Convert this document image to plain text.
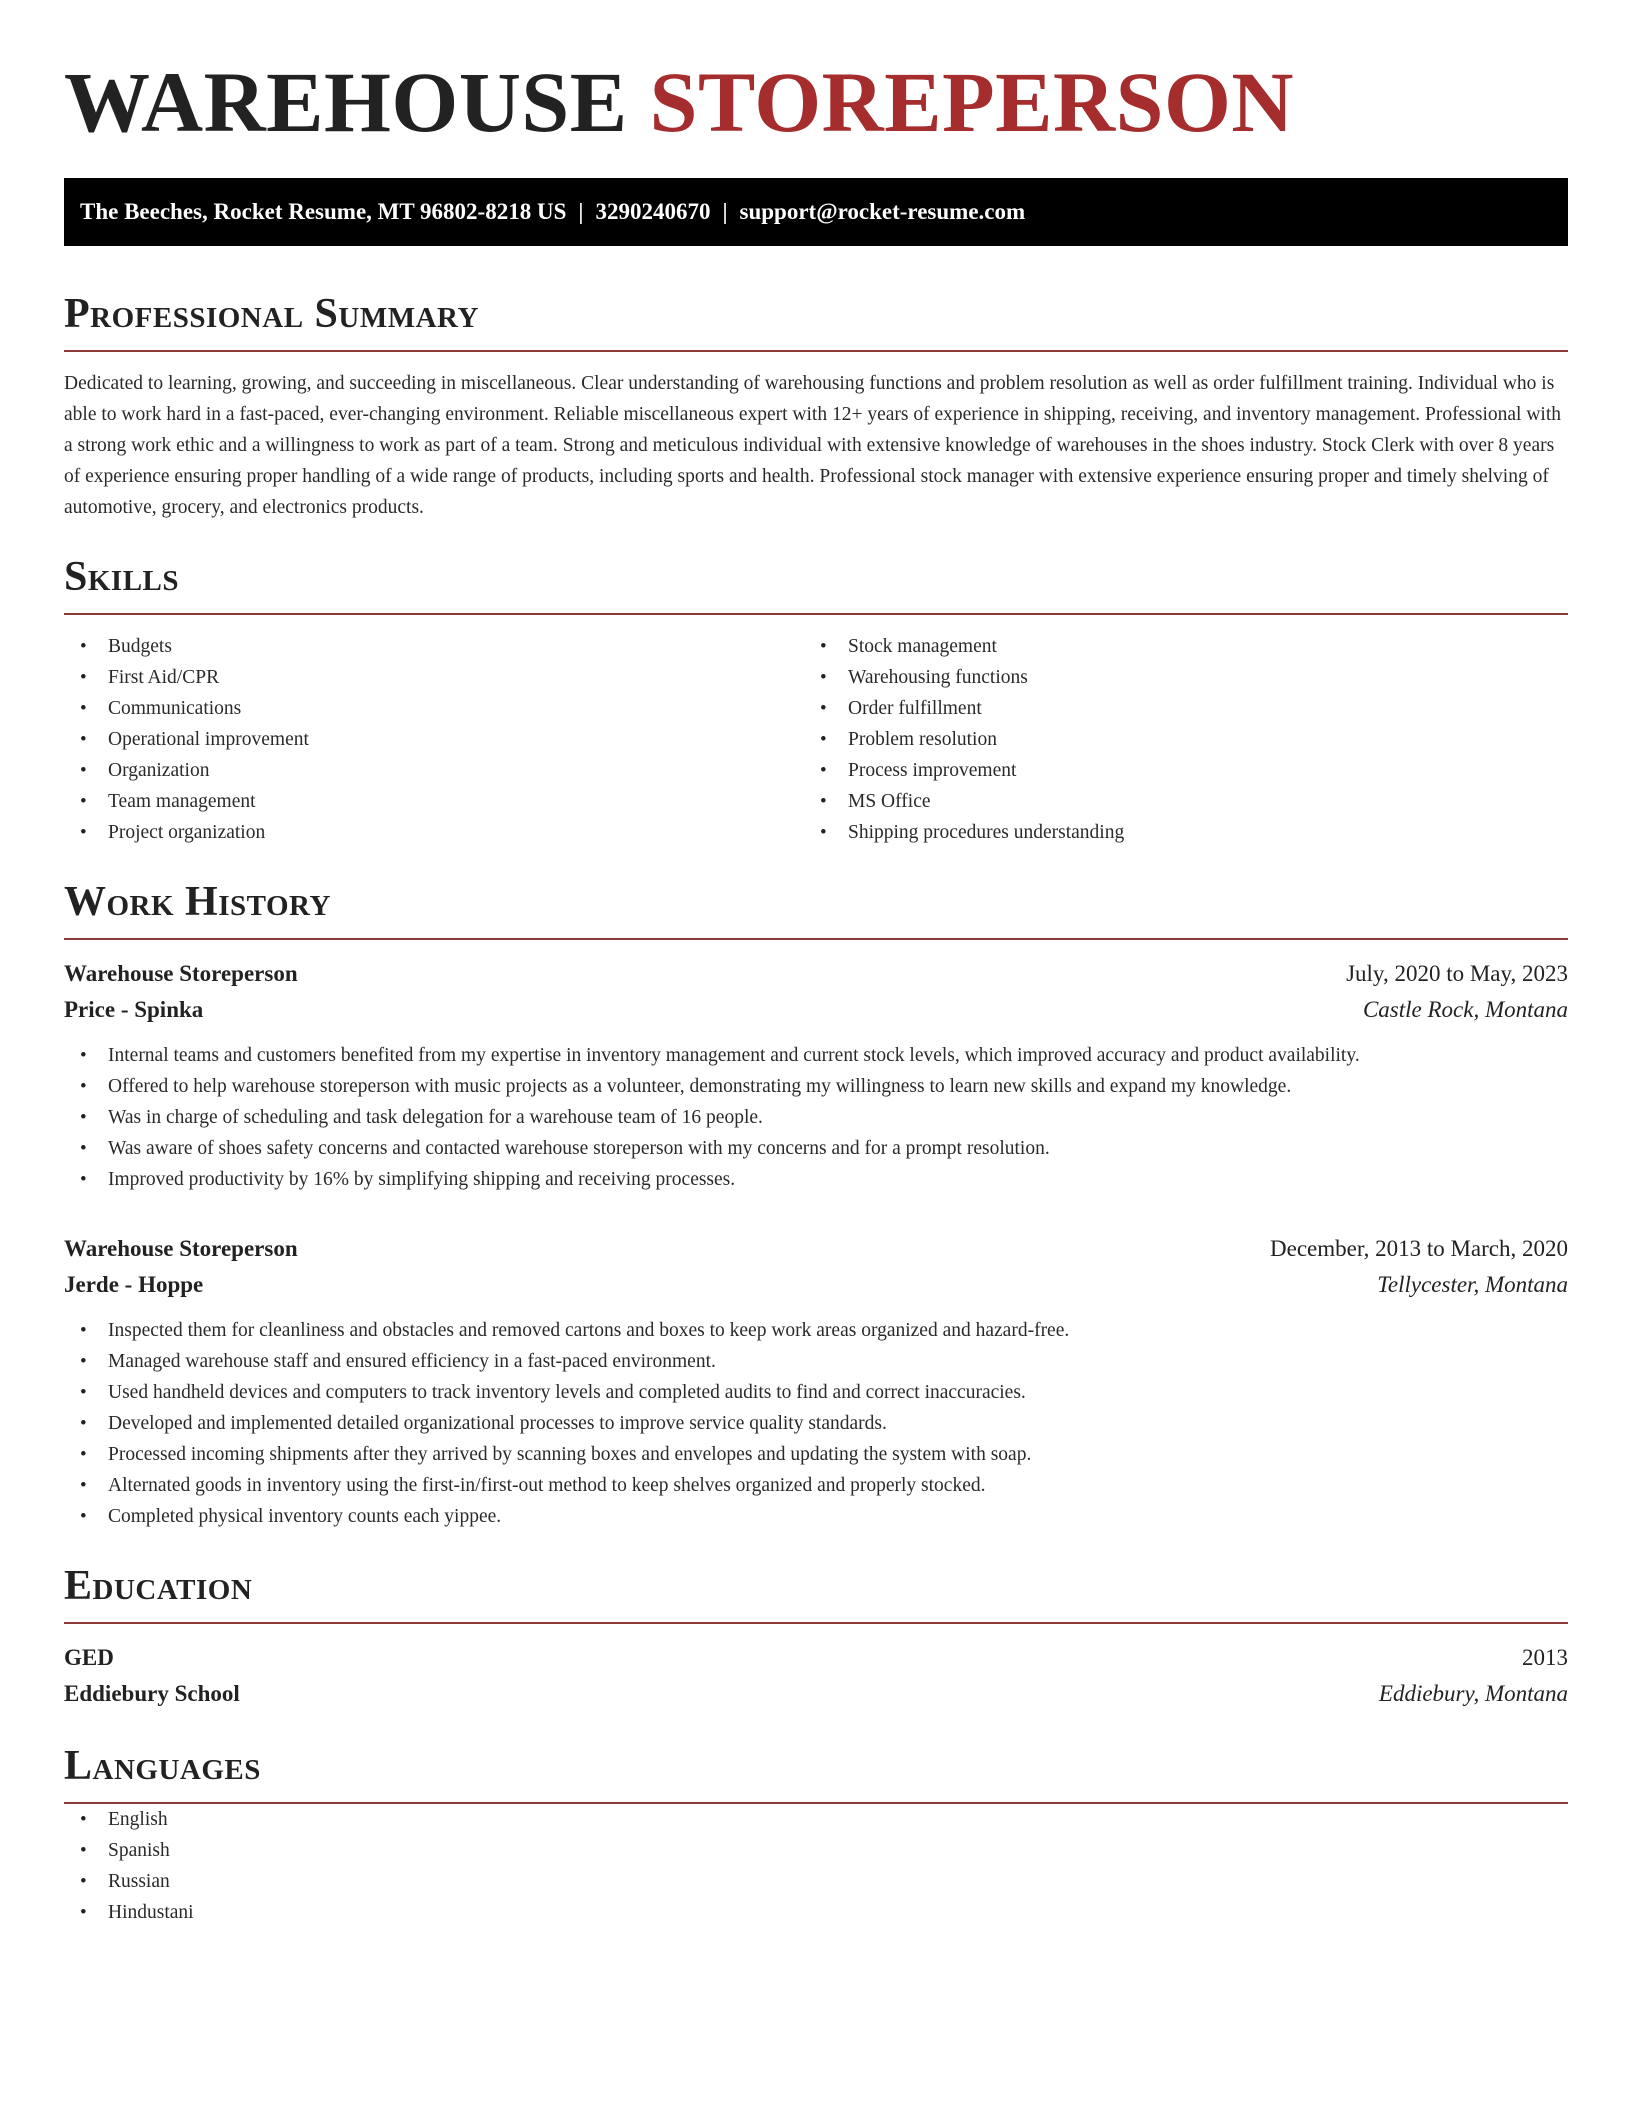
WAREHOUSE STOREPERSON
The Beeches, Rocket Resume, MT 96802-8218 US | 3290240670 | support@rocket-resume.com
Professional Summary

Dedicated to learning, growing, and succeeding in miscellaneous. Clear understanding of warehousing functions and problem resolution as well as order fulfillment training. Individual who is able to work hard in a fast-paced, ever-changing environment. Reliable miscellaneous expert with 12+ years of experience in shipping, receiving, and inventory management. Professional with a strong work ethic and a willingness to work as part of a team. Strong and meticulous individual with extensive knowledge of warehouses in the shoes industry. Stock Clerk with over 8 years of experience ensuring proper handling of a wide range of products, including sports and health. Professional stock manager with extensive experience ensuring proper and timely shelving of automotive, grocery, and electronics products.

Skills
• Budgets
• First Aid/CPR
• Communications
• Operational improvement
• Organization
• Team management
• Project organization
• Stock management
• Warehousing functions
• Order fulfillment
• Problem resolution
• Process improvement
• MS Office
• Shipping procedures understanding
Work History
Warehouse Storeperson	July, 2020 to May, 2023
Price - Spinka	Castle Rock, Montana
• Internal teams and customers benefited from my expertise in inventory management and current stock levels, which improved accuracy and product availability.
• Offered to help warehouse storeperson with music projects as a volunteer, demonstrating my willingness to learn new skills and expand my knowledge.
• Was in charge of scheduling and task delegation for a warehouse team of 16 people.
• Was aware of shoes safety concerns and contacted warehouse storeperson with my concerns and for a prompt resolution.
• Improved productivity by 16% by simplifying shipping and receiving processes.
Warehouse Storeperson	December, 2013 to March, 2020
Jerde - Hoppe	Tellycester, Montana
• Inspected them for cleanliness and obstacles and removed cartons and boxes to keep work areas organized and hazard-free.
• Managed warehouse staff and ensured efficiency in a fast-paced environment.
• Used handheld devices and computers to track inventory levels and completed audits to find and correct inaccuracies.
• Developed and implemented detailed organizational processes to improve service quality standards.
• Processed incoming shipments after they arrived by scanning boxes and envelopes and updating the system with soap.
• Alternated goods in inventory using the first-in/first-out method to keep shelves organized and properly stocked.
• Completed physical inventory counts each yippee.
Education
GED	2013
Eddiebury School	Eddiebury, Montana
Languages
• English
• Spanish
• Russian
• Hindustani
